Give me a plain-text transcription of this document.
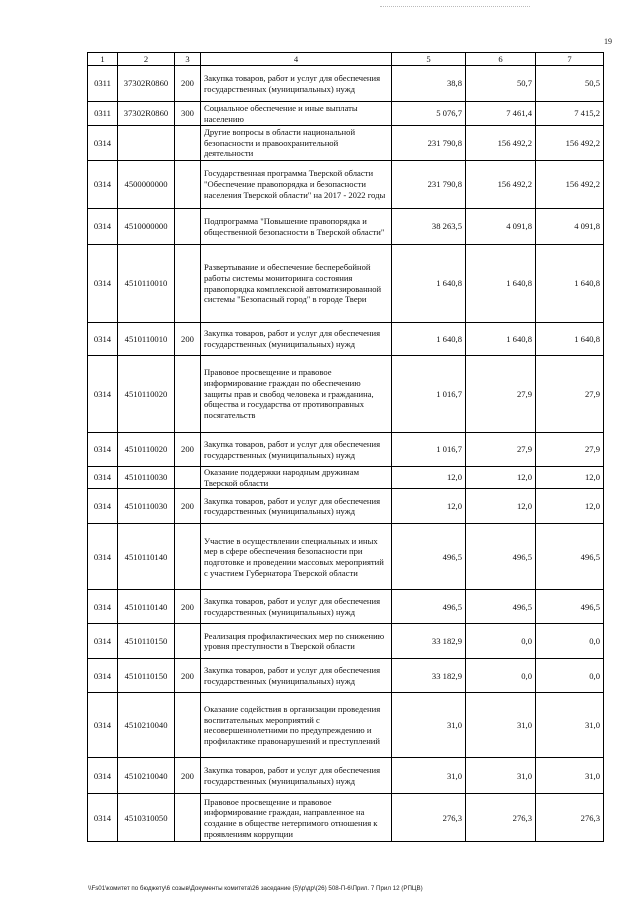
19
1	2	3	4	5	6	7
0311	37302R0860	200	Закупка товаров, работ и услуг для обеспечения государственных (муниципальных) нужд	38,8	50,7	50,5
0311	37302R0860	300	Социальное обеспечение и иные выплаты населению	5 076,7	7 461,4	7 415,2
0314			Другие вопросы в области национальной безопасности и правоохранительной деятельности	231 790,8	156 492,2	156 492,2
0314	4500000000		Государственная программа Тверской области "Обеспечение правопорядка и безопасности населения Тверской области" на 2017 - 2022 годы	231 790,8	156 492,2	156 492,2
0314	4510000000		Подпрограмма "Повышение правопорядка и общественной безопасности в Тверской области"	38 263,5	4 091,8	4 091,8
0314	4510110010		Развертывание и обеспечение бесперебойной работы системы мониторинга состояния правопорядка комплексной автоматизированной системы "Безопасный город" в городе Твери	1 640,8	1 640,8	1 640,8
0314	4510110010	200	Закупка товаров, работ и услуг для обеспечения государственных (муниципальных) нужд	1 640,8	1 640,8	1 640,8
0314	4510110020		Правовое просвещение и правовое информирование граждан по обеспечению защиты прав и свобод человека и гражданина, общества и государства от противоправных посягательств	1 016,7	27,9	27,9
0314	4510110020	200	Закупка товаров, работ и услуг для обеспечения государственных (муниципальных) нужд	1 016,7	27,9	27,9
0314	4510110030		Оказание поддержки народным дружинам Тверской области	12,0	12,0	12,0
0314	4510110030	200	Закупка товаров, работ и услуг для обеспечения государственных (муниципальных) нужд	12,0	12,0	12,0
0314	4510110140		Участие в осуществлении специальных и иных мер в сфере обеспечения безопасности при подготовке и проведении массовых мероприятий с участием Губернатора Тверской области	496,5	496,5	496,5
0314	4510110140	200	Закупка товаров, работ и услуг для обеспечения государственных (муниципальных) нужд	496,5	496,5	496,5
0314	4510110150		Реализация профилактических мер по снижению уровня преступности в Тверской области	33 182,9	0,0	0,0
0314	4510110150	200	Закупка товаров, работ и услуг для обеспечения государственных (муниципальных) нужд	33 182,9	0,0	0,0
0314	4510210040		Оказание содействия в организации проведения воспитательных мероприятий с несовершеннолетними по предупреждению и профилактике правонарушений и преступлений	31,0	31,0	31,0
0314	4510210040	200	Закупка товаров, работ и услуг для обеспечения государственных (муниципальных) нужд	31,0	31,0	31,0
0314	4510310050		Правовое просвещение и правовое информирование граждан, направленное на создание в обществе нетерпимого отношения к проявлениям коррупции	276,3	276,3	276,3
\\Fs01\комитет по бюджету\6 созыв\Документы комитета\26 заседание (5)\р\др\(26) 508-П-6\Прил. 7 Прил 12 (РПЦВ)
